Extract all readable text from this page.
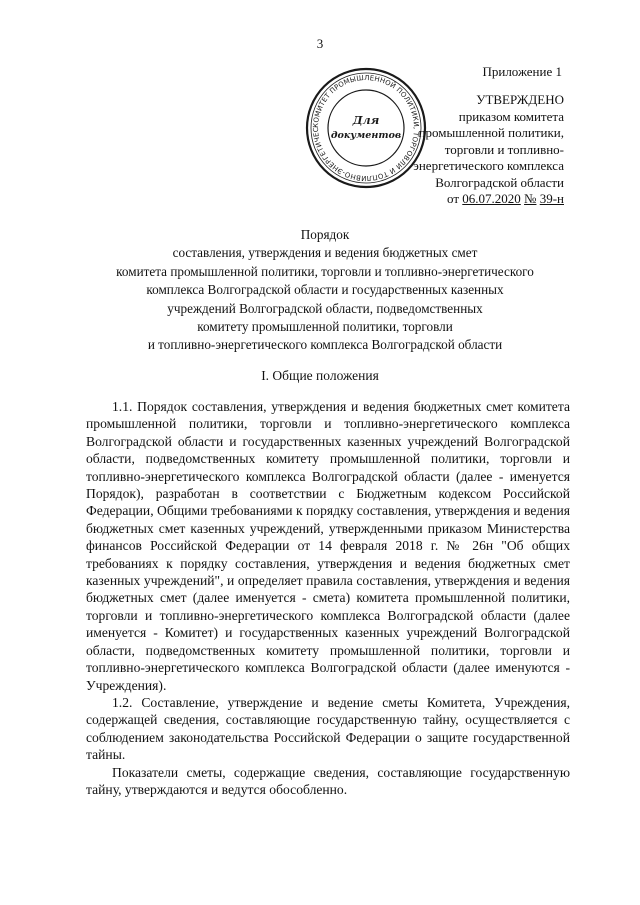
3
Приложение 1
КОМИТЕТ ПРОМЫШЛЕННОЙ ПОЛИТИКИ, ТОРГОВЛИ И ТОПЛИВНО-ЭНЕРГЕТИЧЕС
Для
документов
УТВЕРЖДЕНО
приказом комитета
промышленной политики,
торговли и топливно-
энергетического комплекса
Волгоградской области
от 06.07.2020 № 39-н
Порядок
составления, утверждения и ведения бюджетных смет
комитета промышленной политики, торговли и топливно-энергетического
комплекса Волгоградской области и государственных казенных
учреждений Волгоградской области, подведомственных
комитету промышленной политики, торговли
и топливно-энергетического комплекса Волгоградской области
I. Общие положения

1.1. Порядок составления, утверждения и ведения бюджетных смет комитета промышленной политики, торговли и топливно-энергетического комплекса Волгоградской области и государственных казенных учреждений Волгоградской области, подведомственных комитету промышленной политики, торговли и топливно-энергетического комплекса Волгоградской области (далее - именуется Порядок), разработан в соответствии с Бюджетным кодексом Российской Федерации, Общими требованиями к порядку составления, утверждения и ведения бюджетных смет казенных учреждений, утвержденными приказом Министерства финансов Российской Федерации от 14 февраля 2018 г. № 26н "Об общих требованиях к порядку составления, утверждения и ведения бюджетных смет казенных учреждений", и определяет правила составления, утверждения и ведения бюджетных смет (далее именуется - смета) комитета промышленной политики, торговли и топливно-энергетического комплекса Волгоградской области (далее именуется - Комитет) и государственных казенных учреждений Волгоградской области, подведомственных комитету промышленной политики, торговли и топливно-энергетического комплекса Волгоградской области (далее именуются - Учреждения).

1.2. Составление, утверждение и ведение сметы Комитета, Учреждения, содержащей сведения, составляющие государственную тайну, осуществляется с соблюдением законодательства Российской Федерации о защите государственной тайны.

Показатели сметы, содержащие сведения, составляющие государственную тайну, утверждаются и ведутся обособленно.
